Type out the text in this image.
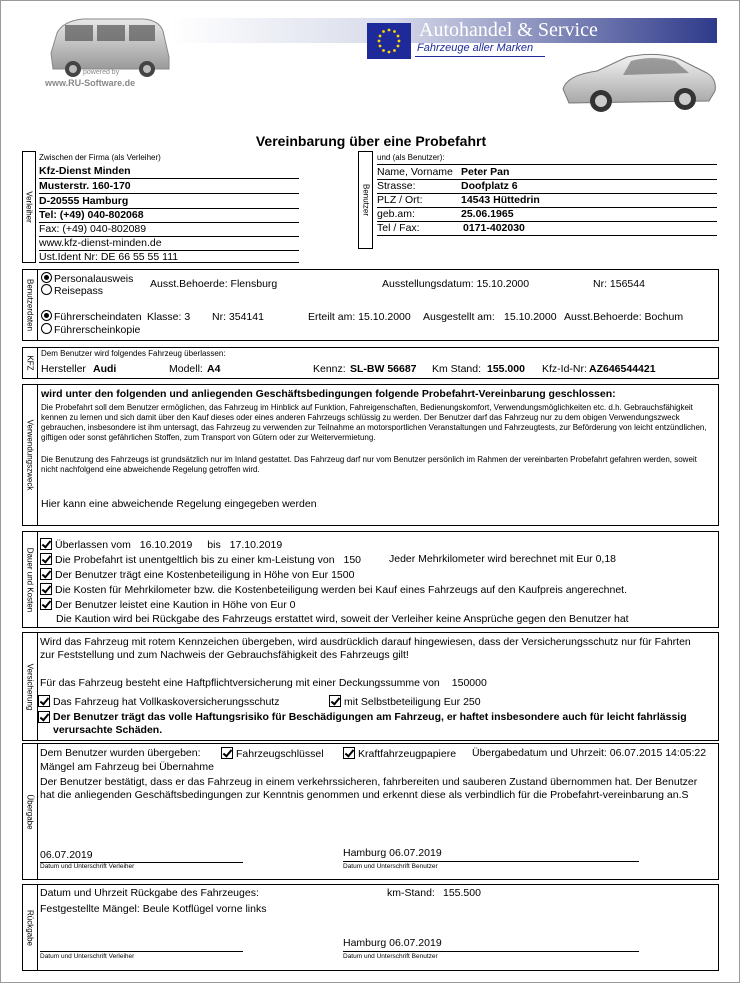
powered by
www.RU-Software.de
Autohandel & Service
Fahrzeuge aller Marken
Vereinbarung über eine Probefahrt
Verleiher
Zwischen der Firma (als Verleiher)
Kfz-Dienst Minden
Musterstr. 160-170
D-20555 Hamburg
Tel: (+49) 040-802068
Fax: (+49) 040-802089
www.kfz-dienst-minden.de
Ust.Ident Nr: DE 66 55 55 111
Benutzer
und (als Benutzer):
Name, Vorname Peter Pan
Strasse:	Doofplatz 6
PLZ / Ort:	14543 Hüttedrin
geb.am:	25.06.1965
Tel / Fax:	0171-402030
Benutzerdaten	Personalausweis
Reisepass
Ausst.Behoerde: Flensburg	Ausstellungsdatum: 15.10.2000	Nr: 156544
Führerscheindaten
Führerscheinkopie
Klasse: 3 Nr: 354141	Erteilt am: 15.10.2000 Ausgestellt am: 15.10.2000 Ausst.Behoerde: Bochum
KFZ
Dem Benutzer wird folgendes Fahrzeug überlassen:
Hersteller Audi	Modell: A4	Kennz: SL-BW 56687 Km Stand: 155.000 Kfz-Id-Nr: AZ646544421
Verwendungszweck
wird unter den folgenden und anliegenden Geschäftsbedingungen folgende Probefahrt-Vereinbarung geschlossen:
Die Probefahrt soll dem Benutzer ermöglichen, das Fahrzeug im Hinblick auf Funktion, Fahreigenschaften, Bedienungskomfort, Verwendungsmöglichkeiten etc. d.h. Gebrauchsfähigkeit kennen zu lernen und sich damit über den Kauf dieses oder eines anderen Fahrzeugs schlüssig zu werden. Der Benutzer darf das Fahrzeug nur zu dem obigen Verwendungszweck gebrauchen, insbesondere ist ihm untersagt, das Fahrzeug zu verwenden zur Teilnahme an motorsportlichen Veranstaltungen und Fahrzeugtests, zur Beförderung von leicht entzündlichen, giftigen oder sonst gefährlichen Stoffen, zum Transport von Gütern oder zur Weitervermietung.
Die Benutzung des Fahrzeugs ist grundsätzlich nur im Inland gestattet. Das Fahrzeug darf nur vom Benutzer persönlich im Rahmen der vereinbarten Probefahrt gefahren werden, soweit nicht nachfolgend eine abweichende Regelung getroffen wird.
Hier kann eine abweichende Regelung eingegeben werden
Dauer und Kosten
Überlassen vom 16.10.2019 bis 17.10.2019
Die Probefahrt ist unentgeltlich bis zu einer km-Leistung von 150	Jeder Mehrkilometer wird berechnet mit Eur 0,18
Der Benutzer trägt eine Kostenbeteiligung in Höhe von Eur 1500
Die Kosten für Mehrkilometer bzw. die Kostenbeteiligung werden bei Kauf eines Fahrzeugs auf den Kaufpreis angerechnet.
Der Benutzer leistet eine Kaution in Höhe von Eur 0
Die Kaution wird bei Rückgabe des Fahrzeugs erstattet wird, soweit der Verleiher keine Ansprüche gegen den Benutzer hat
Versicherung
Wird das Fahrzeug mit rotem Kennzeichen übergeben, wird ausdrücklich darauf hingewiesen, dass der Versicherungsschutz nur für Fahrten zur Feststellung und zum Nachweis der Gebrauchsfähigkeit des Fahrzeugs gilt!
Für das Fahrzeug besteht eine Haftpflichtversicherung mit einer Deckungssumme von 150000
Das Fahrzeug hat Vollkaskoversicherungsschutz	mit Selbstbeteiligung Eur 250
Der Benutzer trägt das volle Haftungsrisiko für Beschädigungen am Fahrzeug, er haftet insbesondere auch für leicht fahrlässig verursachte Schäden.
Übergabe
Dem Benutzer wurden übergeben:	Fahrzeugschlüssel	Kraftfahrzeugpapiere Übergabedatum und Uhrzeit: 06.07.2015 14:05:22
Mängel am Fahrzeug bei Übernahme
Der Benutzer bestätigt, dass er das Fahrzeug in einem verkehrssicheren, fahrbereiten und sauberen Zustand übernommen hat. Der Benutzer hat die anliegenden Geschäftsbedingungen zur Kenntnis genommen und erkennt diese als verbindlich für die Probefahrt-vereinbarung an.S
06.07.2019
Datum und Unterschrift Verleiher
Hamburg 06.07.2019
Datum und Unterschrift Benutzer
Rückgabe
Datum und Uhrzeit Rückgabe des Fahrzeuges:	km-Stand: 155.500
Festgestellte Mängel: Beule Kotflügel vorne links
Datum und Unterschrift Verleiher
Hamburg 06.07.2019
Datum und Unterschrift Benutzer
